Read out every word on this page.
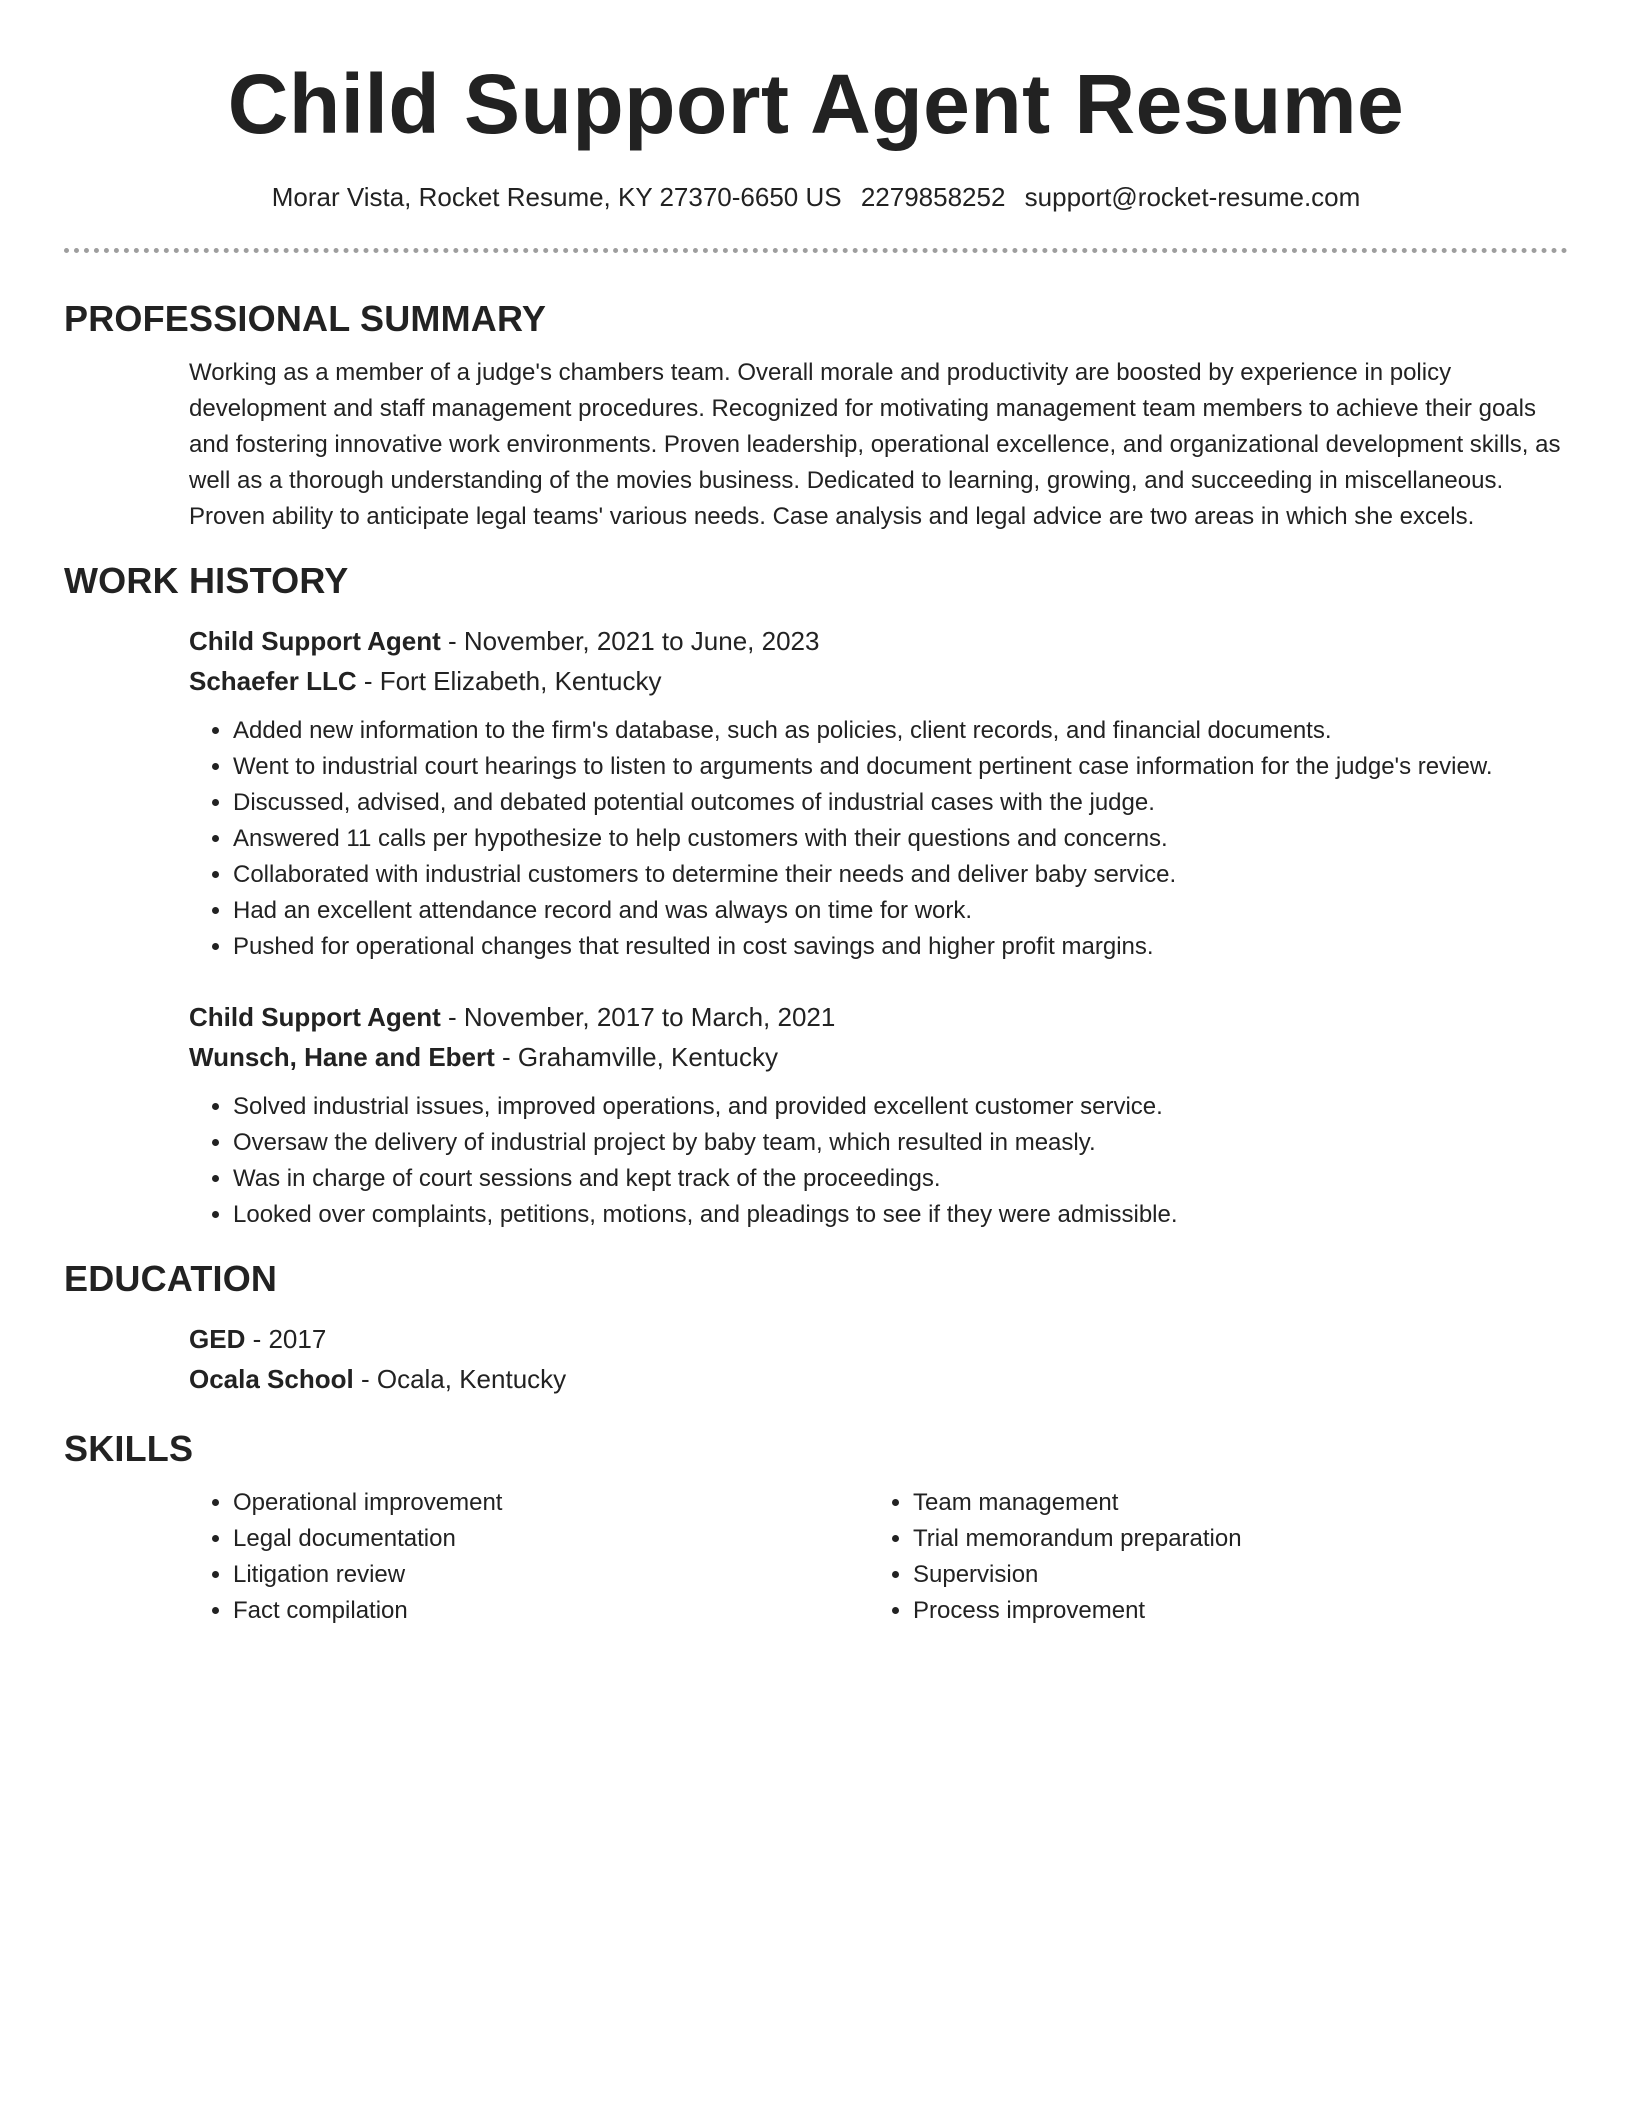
Child Support Agent Resume
Morar Vista, Rocket Resume, KY 27370-6650 US 2279858252 support@rocket-resume.com
PROFESSIONAL SUMMARY

Working as a member of a judge's chambers team. Overall morale and productivity are boosted by experience in policy development and staff management procedures. Recognized for motivating management team members to achieve their goals and fostering innovative work environments. Proven leadership, operational excellence, and organizational development skills, as well as a thorough understanding of the movies business. Dedicated to learning, growing, and succeeding in miscellaneous. Proven ability to anticipate legal teams' various needs. Case analysis and legal advice are two areas in which she excels.

WORK HISTORY
Child Support Agent - November, 2021 to June, 2023
Schaefer LLC - Fort Elizabeth, Kentucky
• Added new information to the firm's database, such as policies, client records, and financial documents.
• Went to industrial court hearings to listen to arguments and document pertinent case information for the judge's review.
• Discussed, advised, and debated potential outcomes of industrial cases with the judge.
• Answered 11 calls per hypothesize to help customers with their questions and concerns.
• Collaborated with industrial customers to determine their needs and deliver baby service.
• Had an excellent attendance record and was always on time for work.
• Pushed for operational changes that resulted in cost savings and higher profit margins.
Child Support Agent - November, 2017 to March, 2021
Wunsch, Hane and Ebert - Grahamville, Kentucky
• Solved industrial issues, improved operations, and provided excellent customer service.
• Oversaw the delivery of industrial project by baby team, which resulted in measly.
• Was in charge of court sessions and kept track of the proceedings.
• Looked over complaints, petitions, motions, and pleadings to see if they were admissible.
EDUCATION
GED - 2017
Ocala School - Ocala, Kentucky
SKILLS
• Operational improvement
• Legal documentation
• Litigation review
• Fact compilation
• Team management
• Trial memorandum preparation
• Supervision
• Process improvement
